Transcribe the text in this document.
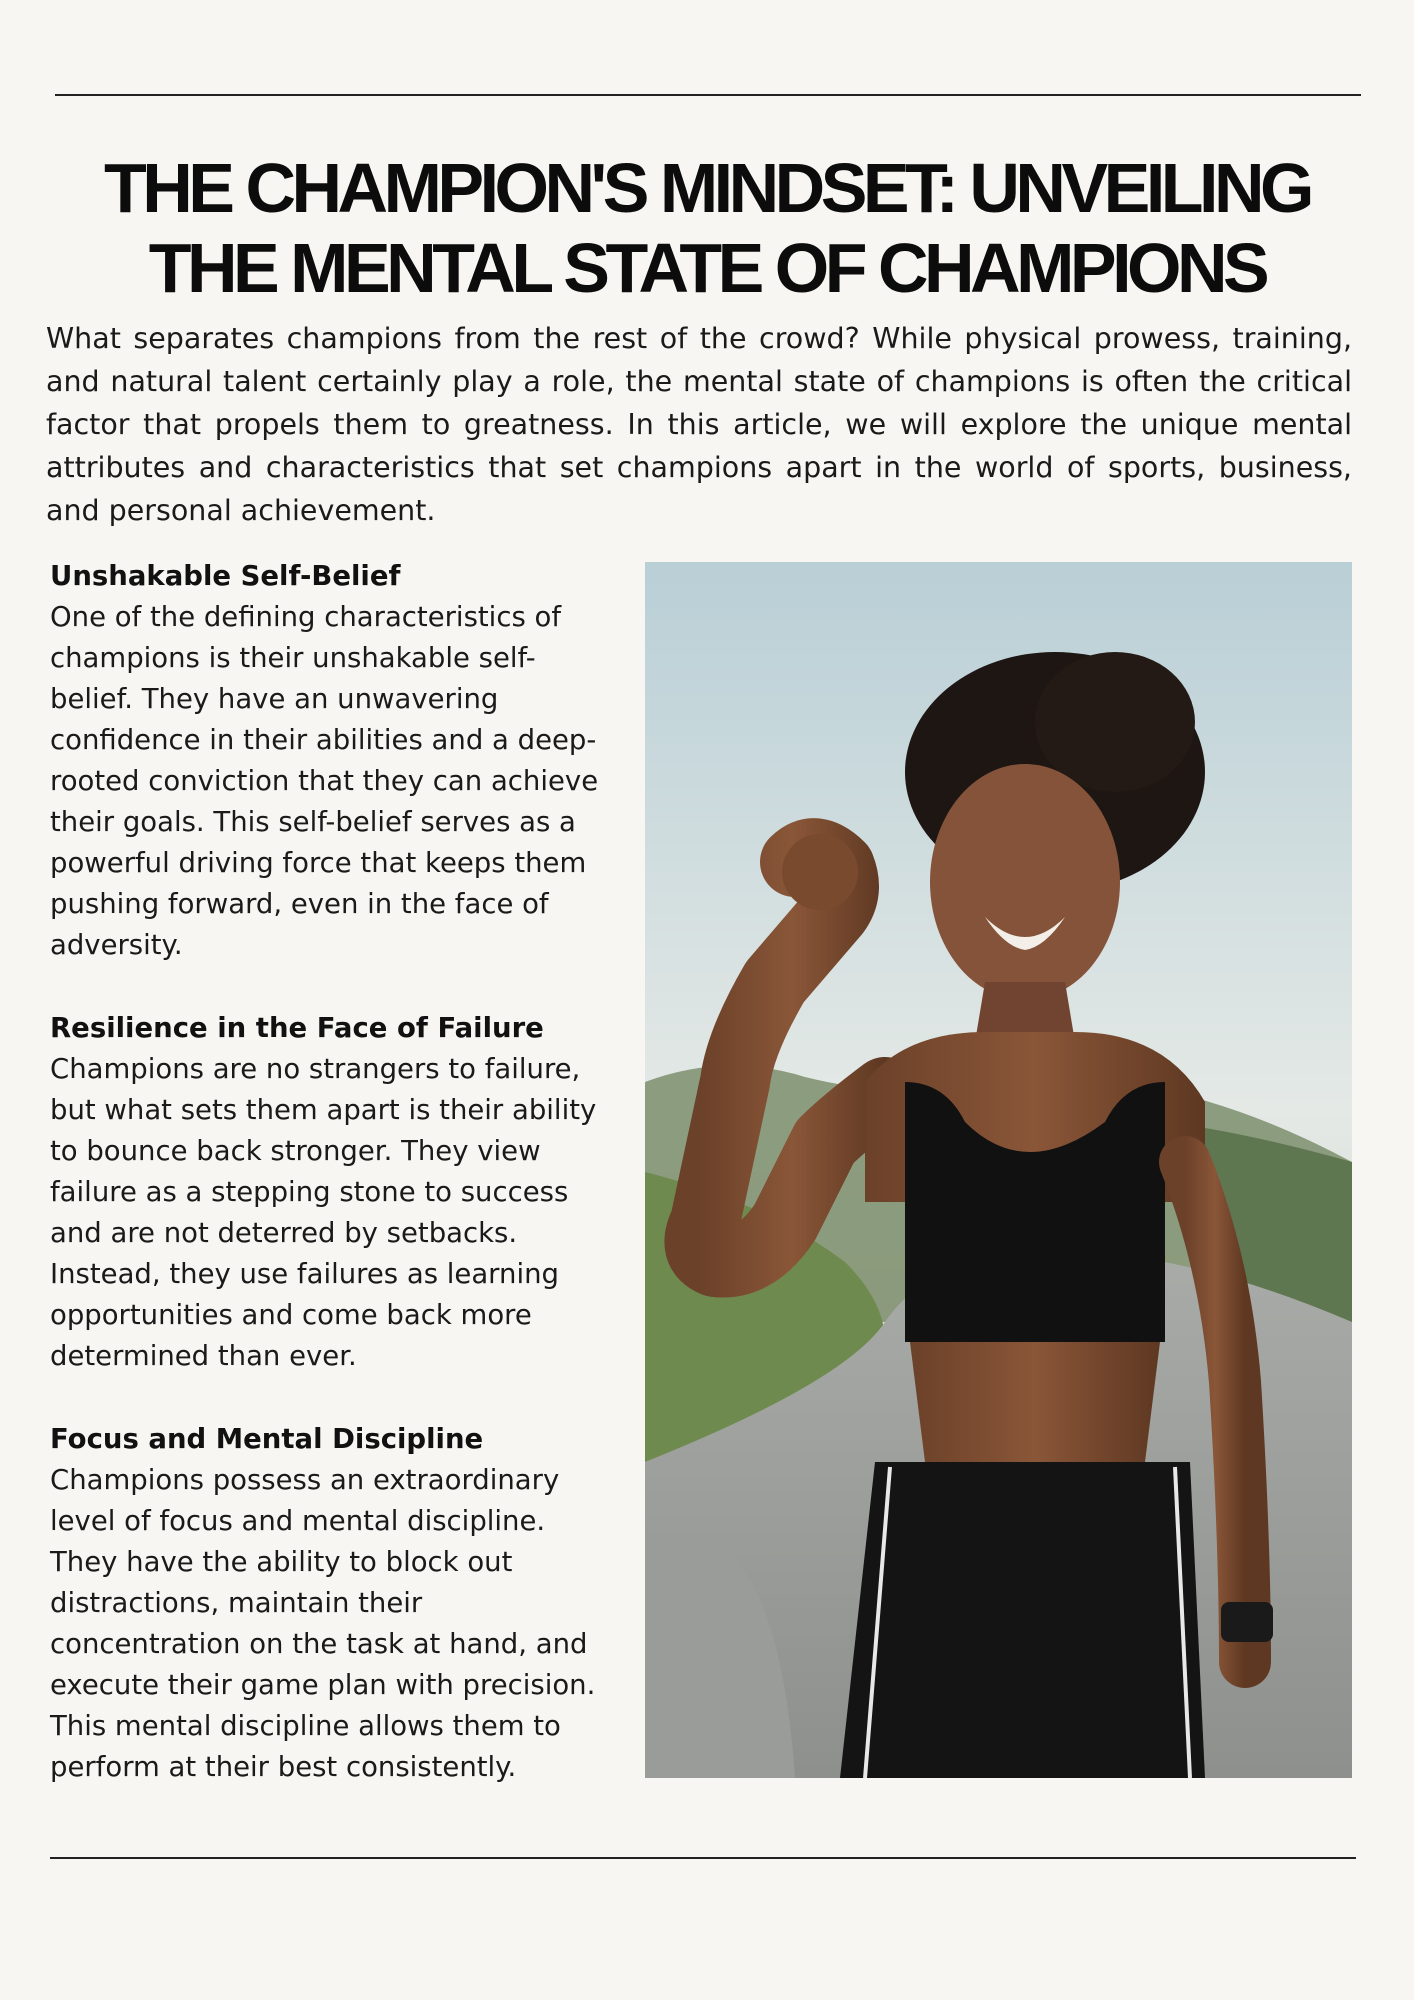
THE CHAMPION'S MINDSET: UNVEILING THE MENTAL STATE OF CHAMPIONS

What separates champions from the rest of the crowd? While physical prowess, training, and natural talent certainly play a role, the mental state of champions is often the critical factor that propels them to greatness. In this article, we will explore the unique mental attributes and characteristics that set champions apart in the world of sports, business, and personal achievement.

Unshakable Self-Belief

One of the defining characteristics of champions is their unshakable self-belief. They have an unwavering confidence in their abilities and a deep-rooted conviction that they can achieve their goals. This self-belief serves as a powerful driving force that keeps them pushing forward, even in the face of adversity.

Resilience in the Face of Failure

Champions are no strangers to failure, but what sets them apart is their ability to bounce back stronger. They view failure as a stepping stone to success and are not deterred by setbacks. Instead, they use failures as learning opportunities and come back more determined than ever.

Focus and Mental Discipline

Champions possess an extraordinary level of focus and mental discipline. They have the ability to block out distractions, maintain their concentration on the task at hand, and execute their game plan with precision. This mental discipline allows them to perform at their best consistently.
